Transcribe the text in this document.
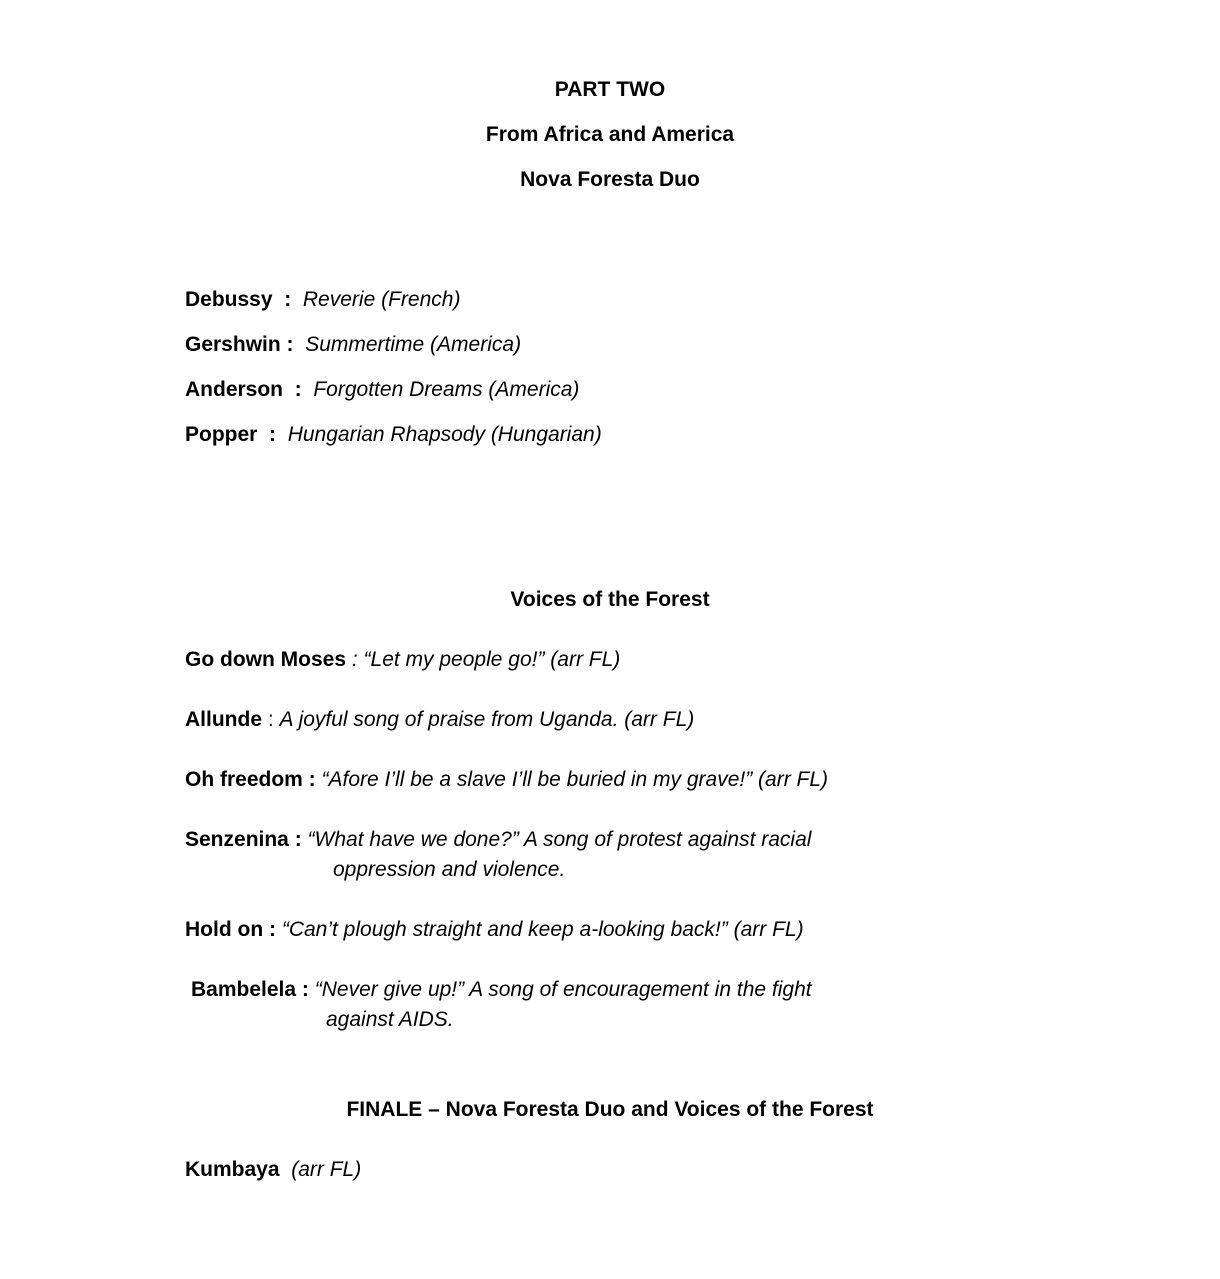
PART TWO
From Africa and America
Nova Foresta Duo
Debussy  :  Reverie (French)
Gershwin :  Summertime (America)
Anderson  :  Forgotten Dreams (America)
Popper  :  Hungarian Rhapsody (Hungarian)
Voices of the Forest
Go down Moses : “Let my people go!” (arr FL)
Allunde : A joyful song of praise from Uganda. (arr FL)
Oh freedom : “Afore I’ll be a slave I’ll be buried in my grave!” (arr FL)
Senzenina : “What have we done?” A song of protest against racial
oppression and violence.
Hold on : “Can’t plough straight and keep a-looking back!” (arr FL)
Bambelela : “Never give up!” A song of encouragement in the fight
against AIDS.
FINALE – Nova Foresta Duo and Voices of the Forest
Kumbaya (arr FL)
